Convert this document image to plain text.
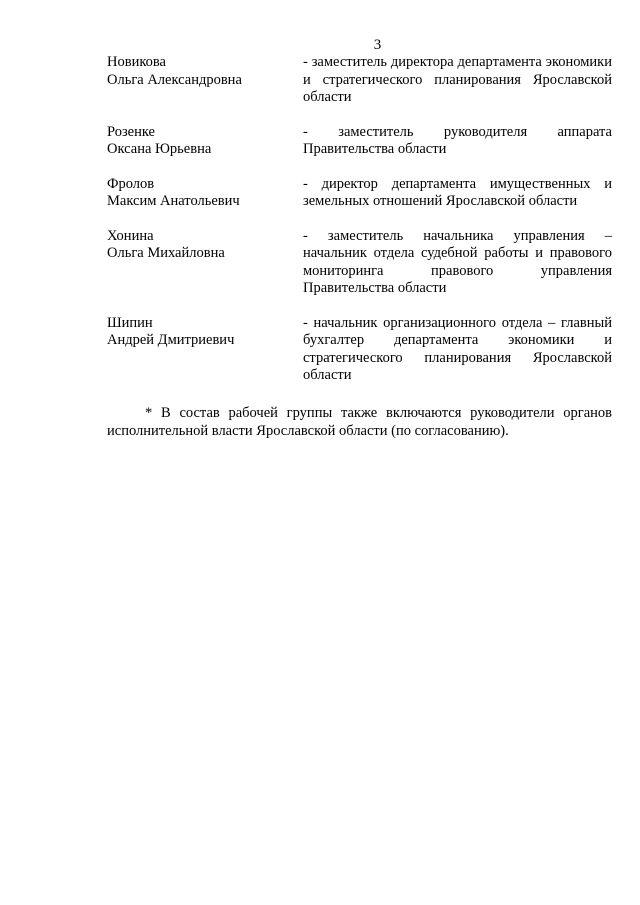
3
Новикова
Ольга Александровна
- заместитель директора департамента экономики и стратегического планирования Ярославской области
Розенке
Оксана Юрьевна
- заместитель руководителя аппарата Правительства области
Фролов
Максим Анатольевич
- директор департамента имущественных и земельных отношений Ярославской области
Хонина
Ольга Михайловна
- заместитель начальника управления – начальник отдела судебной работы и правового мониторинга правового управления Правительства области
Шипин
Андрей Дмитриевич
- начальник организационного отдела – главный бухгалтер департамента экономики и стратегического планирования Ярославской области
* В состав рабочей группы также включаются руководители органов исполнительной власти Ярославской области (по согласованию).
